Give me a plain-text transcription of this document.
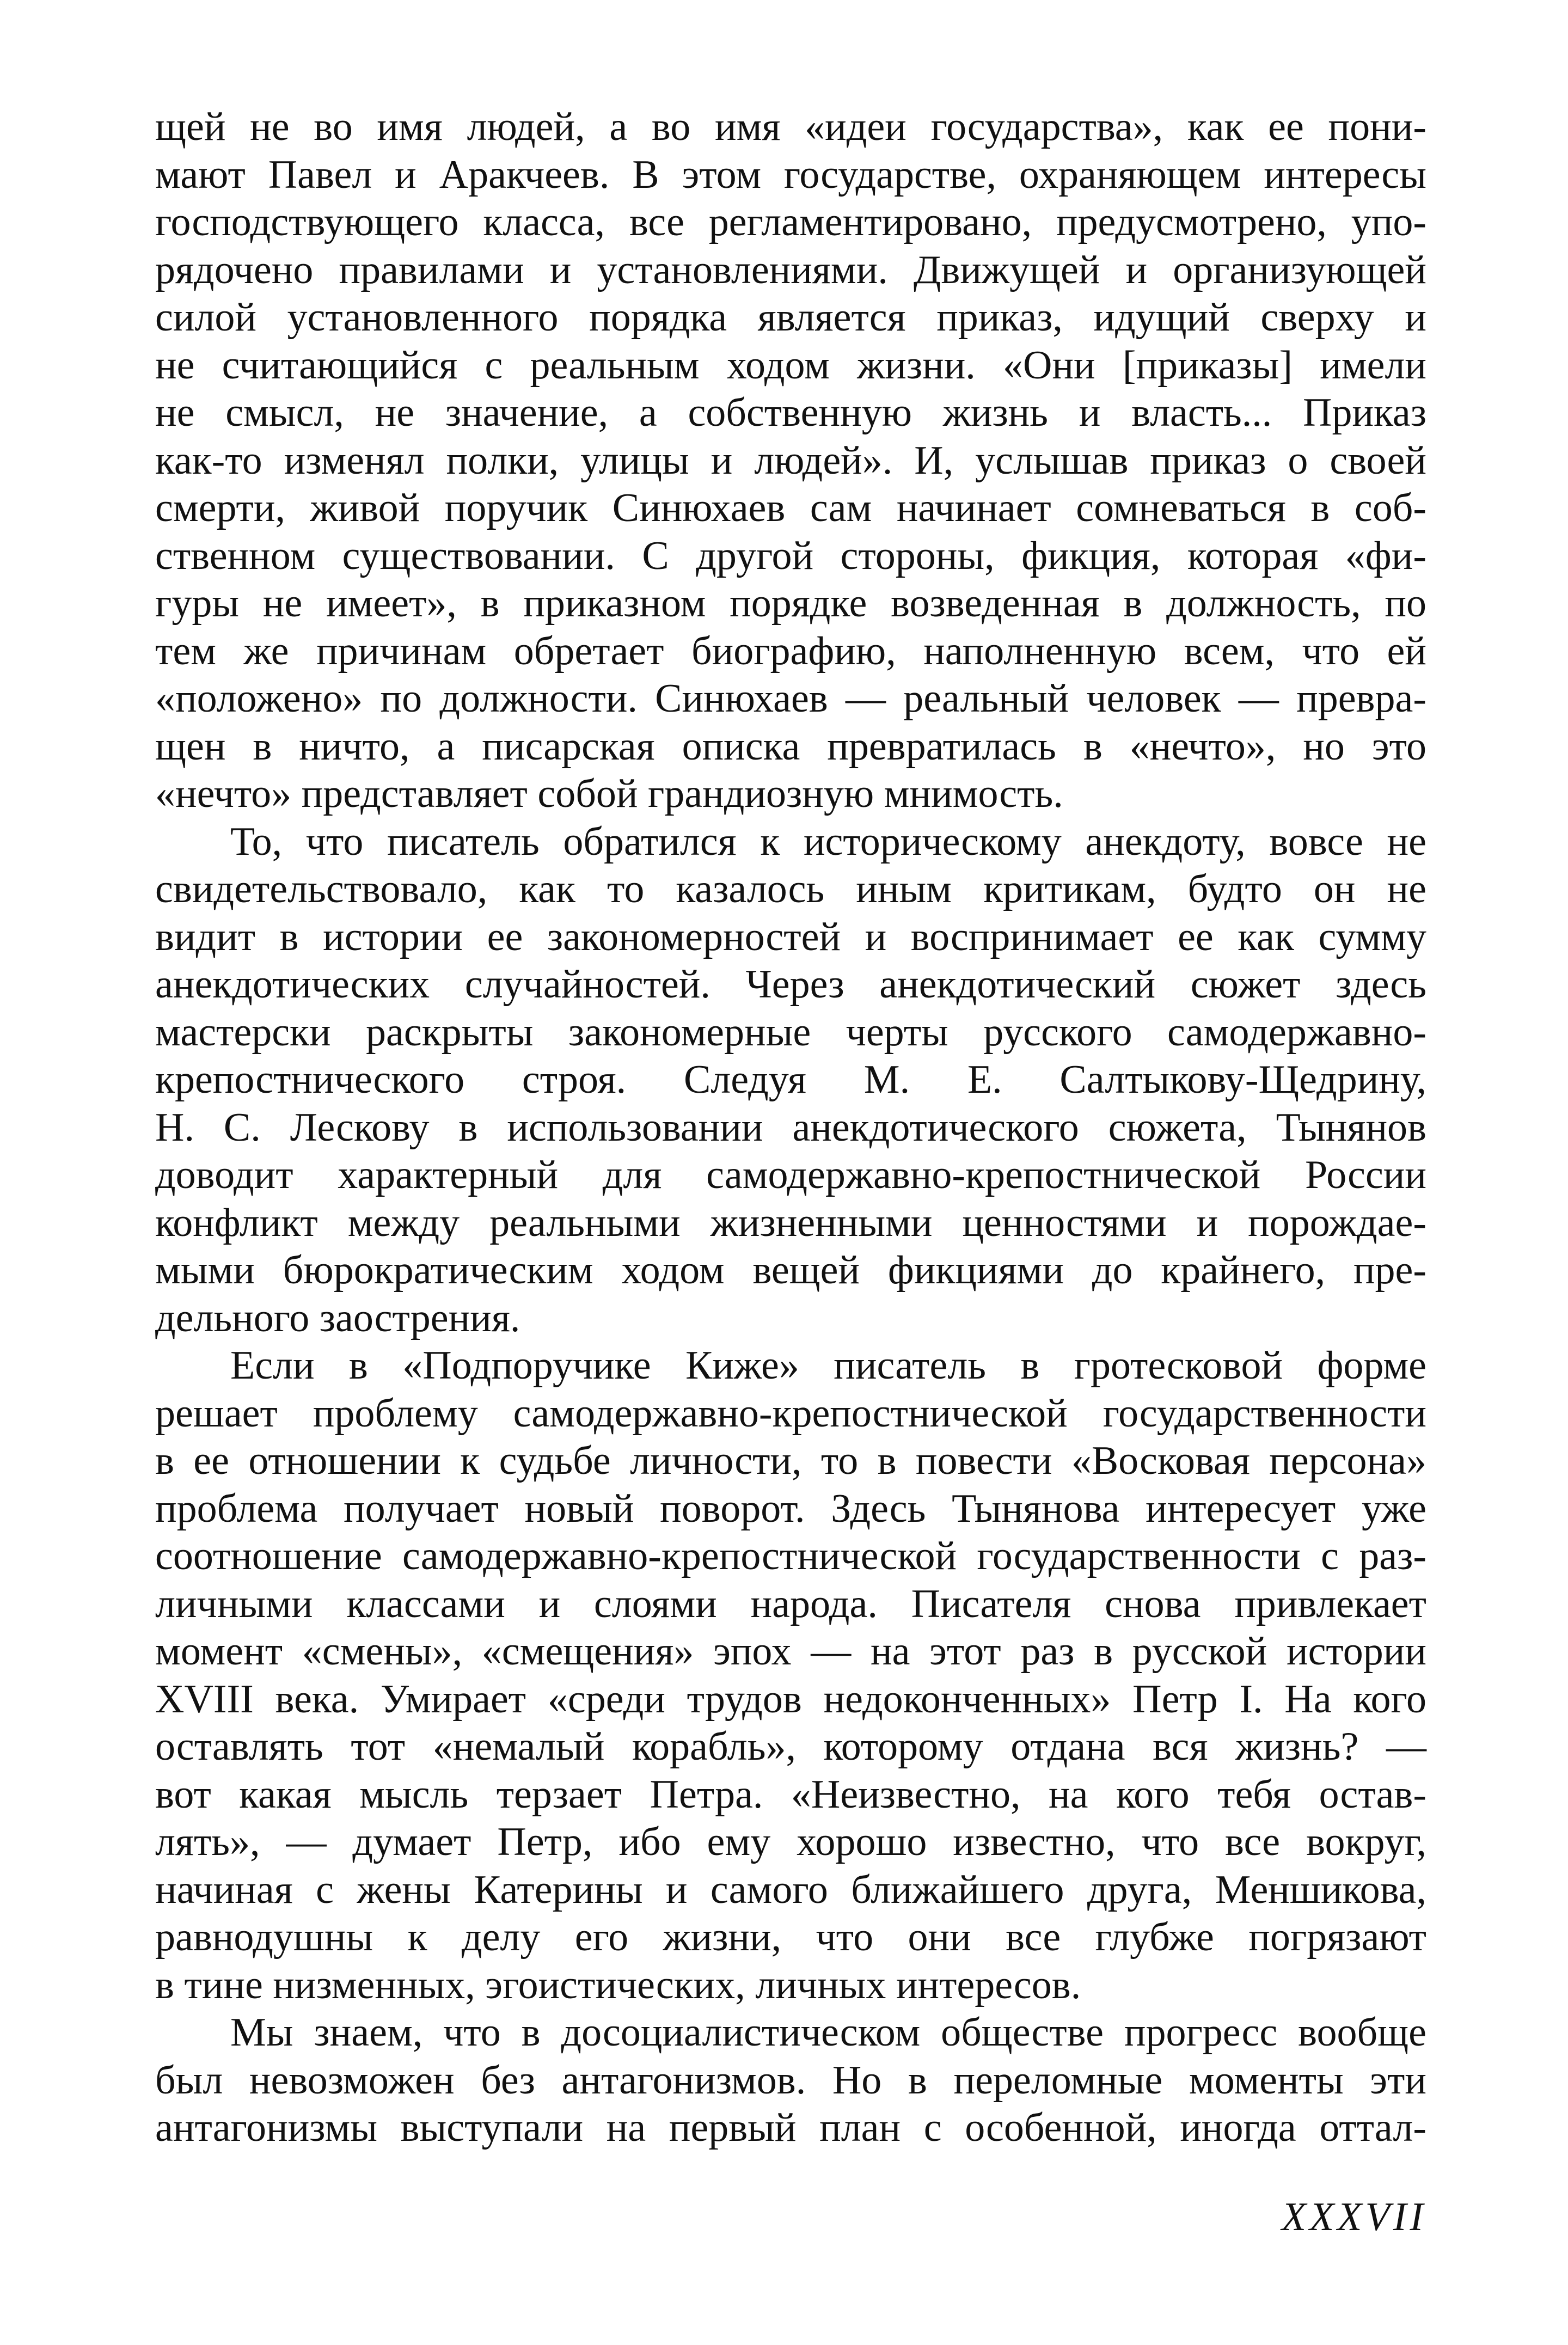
щей не во имя людей, а во имя «идеи государства», как ее пони-
мают Павел и Аракчеев. В этом государстве, охраняющем интересы
господствующего класса, все регламентировано, предусмотрено, упо-
рядочено правилами и установлениями. Движущей и организующей
силой установленного порядка является приказ, идущий сверху и
не считающийся с реальным ходом жизни. «Они [приказы] имели
не смысл, не значение, а собственную жизнь и власть... Приказ
как-то изменял полки, улицы и людей». И, услышав приказ о своей
смерти, живой поручик Синюхаев сам начинает сомневаться в соб-
ственном существовании. С другой стороны, фикция, которая «фи-
гуры не имеет», в приказном порядке возведенная в должность, по
тем же причинам обретает биографию, наполненную всем, что ей
«положено» по должности. Синюхаев — реальный человек — превра-
щен в ничто, а писарская описка превратилась в «нечто», но это
«нечто» представляет собой грандиозную мнимость.
То, что писатель обратился к историческому анекдоту, вовсе не
свидетельствовало, как то казалось иным критикам, будто он не
видит в истории ее закономерностей и воспринимает ее как сумму
анекдотических случайностей. Через анекдотический сюжет здесь
мастерски раскрыты закономерные черты русского самодержавно-
крепостнического строя. Следуя М. Е. Салтыкову-Щедрину,
Н. С. Лескову в использовании анекдотического сюжета, Тынянов
доводит характерный для самодержавно-крепостнической России
конфликт между реальными жизненными ценностями и порождае-
мыми бюрократическим ходом вещей фикциями до крайнего, пре-
дельного заострения.
Если в «Подпоручике Киже» писатель в гротесковой форме
решает проблему самодержавно-крепостнической государственности
в ее отношении к судьбе личности, то в повести «Восковая персона»
проблема получает новый поворот. Здесь Тынянова интересует уже
соотношение самодержавно-крепостнической государственности с раз-
личными классами и слоями народа. Писателя снова привлекает
момент «смены», «смещения» эпох — на этот раз в русской истории
XVIII века. Умирает «среди трудов недоконченных» Петр I. На кого
оставлять тот «немалый корабль», которому отдана вся жизнь? —
вот какая мысль терзает Петра. «Неизвестно, на кого тебя остав-
лять», — думает Петр, ибо ему хорошо известно, что все вокруг,
начиная с жены Катерины и самого ближайшего друга, Меншикова,
равнодушны к делу его жизни, что они все глубже погрязают
в тине низменных, эгоистических, личных интересов.
Мы знаем, что в досоциалистическом обществе прогресс вообще
был невозможен без антагонизмов. Но в переломные моменты эти
антагонизмы выступали на первый план с особенной, иногда оттал-
XXXVII
